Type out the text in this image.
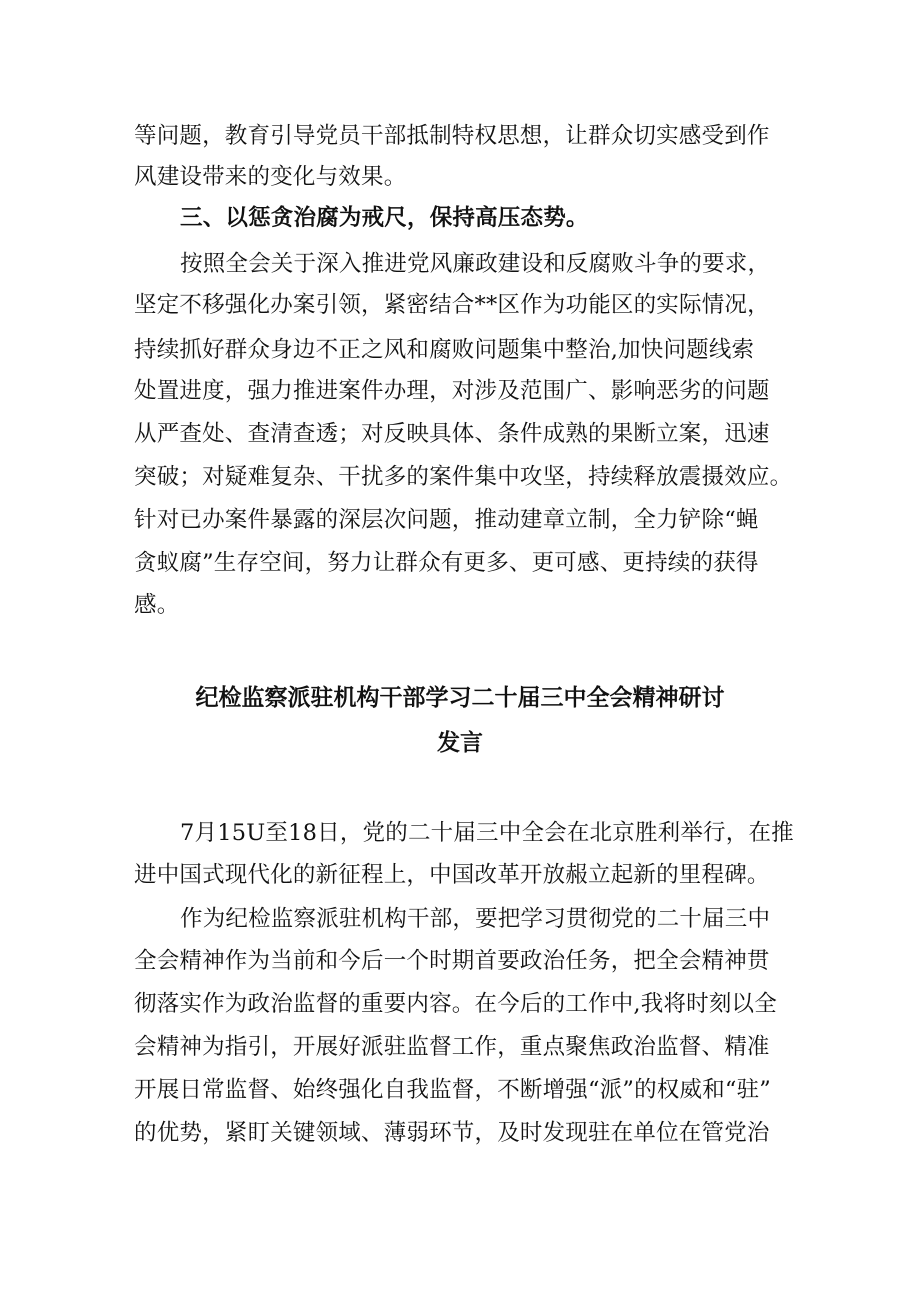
等问题，教育引导党员干部抵制特权思想，让群众切实感受到作
风建设带来的变化与效果。
三、以惩贪治腐为戒尺，保持高压态势。
按照全会关于深入推进党风廉政建设和反腐败斗争的要求，
坚定不移强化办案引领，紧密结合**区作为功能区的实际情况，
持续抓好群众身边不正之风和腐败问题集中整治,加快问题线索
处置进度，强力推进案件办理，对涉及范围广、影响恶劣的问题
从严查处、查清查透；对反映具体、条件成熟的果断立案，迅速
突破；对疑难复杂、干扰多的案件集中攻坚，持续释放震摄效应。
针对已办案件暴露的深层次问题，推动建章立制，全力铲除“蝇
贪蚁腐”生存空间，努力让群众有更多、更可感、更持续的获得
感。
纪检监察派驻机构干部学习二十届三中全会精神研讨
发言
7月15U至18日，党的二十届三中全会在北京胜利举行，在推
进中国式现代化的新征程上，中国改革开放赧立起新的里程碑。
作为纪检监察派驻机构干部，要把学习贯彻党的二十届三中
全会精神作为当前和今后一个时期首要政治任务，把全会精神贯
彻落实作为政治监督的重要内容。在今后的工作中,我将时刻以全
会精神为指引，开展好派驻监督工作，重点聚焦政治监督、精准
开展日常监督、始终强化自我监督，不断增强“派”的权威和“驻”
的优势，紧盯关键领域、薄弱环节，及时发现驻在单位在管党治
